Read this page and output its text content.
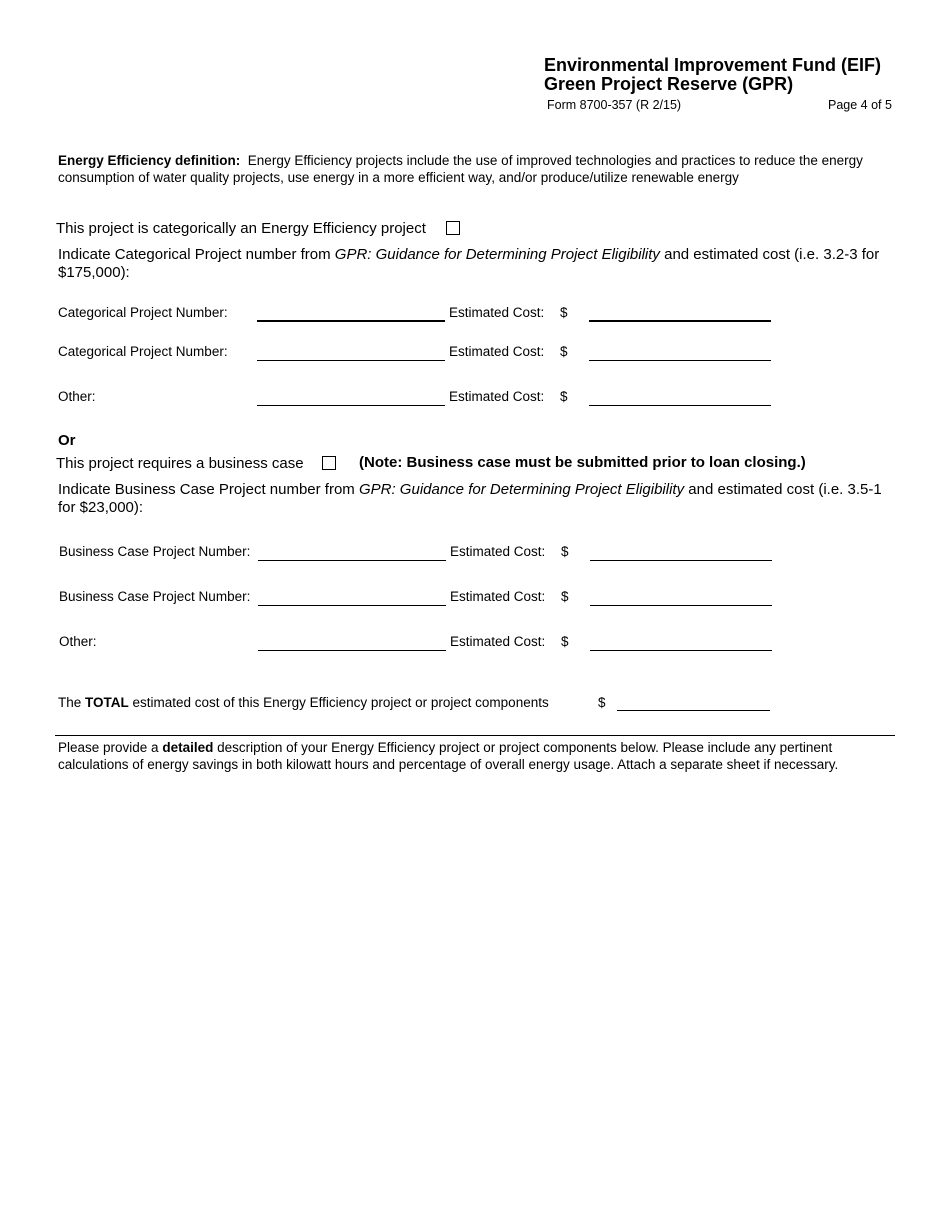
Environmental Improvement Fund (EIF)
Green Project Reserve (GPR)
Form 8700-357 (R 2/15)	Page 4 of 5
Energy Efficiency definition: Energy Efficiency projects include the use of improved technologies and practices to reduce the energy consumption of water quality projects, use energy in a more efficient way, and/or produce/utilize renewable energy
This project is categorically an Energy Efficiency project
Indicate Categorical Project number from GPR: Guidance for Determining Project Eligibility and estimated cost (i.e. 3.2-3 for $175,000):
Categorical Project Number:	Estimated Cost: $
Categorical Project Number:	Estimated Cost: $
Other:	Estimated Cost: $
Or
This project requires a business case	(Note: Business case must be submitted prior to loan closing.)
Indicate Business Case Project number from GPR: Guidance for Determining Project Eligibility and estimated cost (i.e. 3.5-1 for $23,000):
Business Case Project Number:	Estimated Cost: $
Business Case Project Number:	Estimated Cost: $
Other:	Estimated Cost: $
The TOTAL estimated cost of this Energy Efficiency project or project components	$
Please provide a detailed description of your Energy Efficiency project or project components below. Please include any pertinent calculations of energy savings in both kilowatt hours and percentage of overall energy usage. Attach a separate sheet if necessary.
